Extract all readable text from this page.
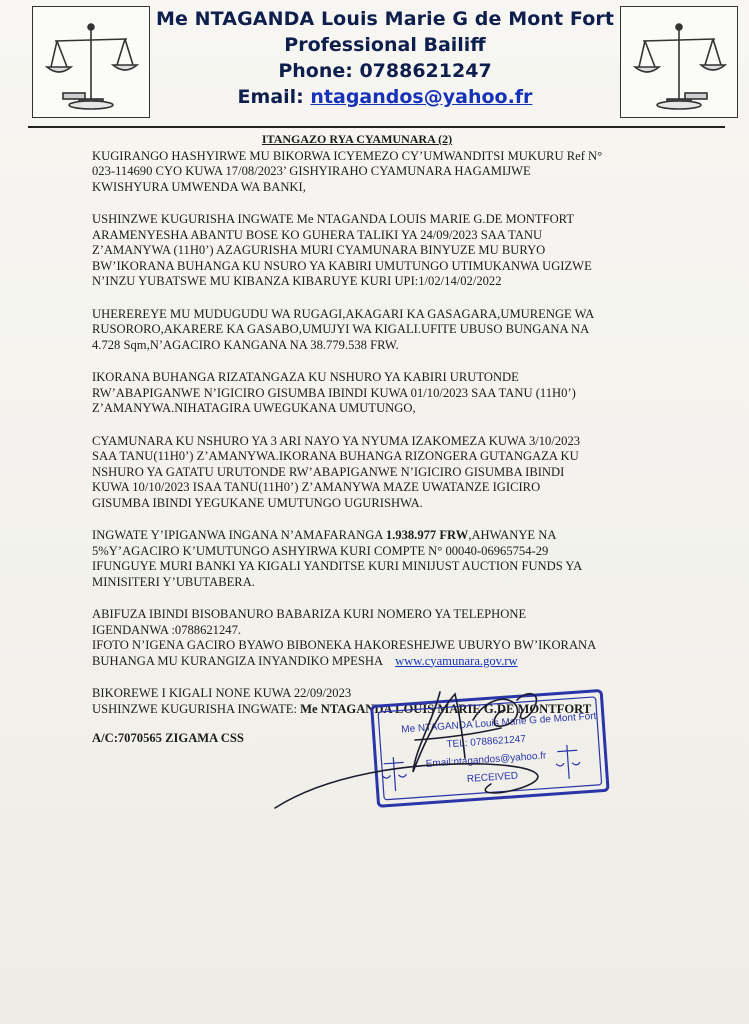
Me NTAGANDA Louis Marie G de Mont Fort
Professional Bailiff
Phone: 0788621247
Email: ntagandos@yahoo.fr
ITANGAZO RYA CYAMUNARA (2)
KUGIRANGO HASHYIRWE MU BIKORWA ICYEMEZO CY’UMWANDITSI MUKURU Ref N°
023-114690 CYO KUWA 17/08/2023’ GISHYIRAHO CYAMUNARA HAGAMIJWE
KWISHYURA UMWENDA WA BANKI,
USHINZWE KUGURISHA INGWATE Me NTAGANDA LOUIS MARIE G.DE MONTFORT
ARAMENYESHA ABANTU BOSE KO GUHERA TALIKI YA 24/09/2023 SAA TANU
Z’AMANYWA (11H0’) AZAGURISHA MURI CYAMUNARA BINYUZE MU BURYO
BW’IKORANA BUHANGA KU NSURO YA KABIRI UMUTUNGO UTIMUKANWA UGIZWE
N’INZU YUBATSWE MU KIBANZA KIBARUYE KURI UPI:1/02/14/02/2022
UHEREREYE MU MUDUGUDU WA RUGAGI,AKAGARI KA GASAGARA,UMURENGE WA
RUSORORO,AKARERE KA GASABO,UMUJYI WA KIGALI.UFITE UBUSO BUNGANA NA
4.728 Sqm,N’AGACIRO KANGANA NA 38.779.538 FRW.
IKORANA BUHANGA RIZATANGAZA KU NSHURO YA KABIRI URUTONDE
RW’ABAPIGANWE N’IGICIRO GISUMBA IBINDI KUWA 01/10/2023 SAA TANU (11H0’)
Z’AMANYWA.NIHATAGIRA UWEGUKANA UMUTUNGO,
CYAMUNARA KU NSHURO YA 3 ARI NAYO YA NYUMA IZAKOMEZA KUWA 3/10/2023
SAA TANU(11H0’) Z’AMANYWA.IKORANA BUHANGA RIZONGERA GUTANGAZA KU
NSHURO YA GATATU URUTONDE RW’ABAPIGANWE N’IGICIRO GISUMBA IBINDI
KUWA 10/10/2023 ISAA TANU(11H0’) Z’AMANYWA MAZE UWATANZE IGICIRO
GISUMBA IBINDI YEGUKANE UMUTUNGO UGURISHWA.
INGWATE Y’IPIGANWA INGANA N’AMAFARANGA 1.938.977 FRW,AHWANYE NA
5%Y’AGACIRO K’UMUTUNGO ASHYIRWA KURI COMPTE N° 00040-06965754-29
IFUNGUYE MURI BANKI YA KIGALI YANDITSE KURI MINIJUST AUCTION FUNDS YA
MINISITERI Y’UBUTABERA.
ABIFUZA IBINDI BISOBANURO BABARIZA KURI NOMERO YA TELEPHONE
IGENDANWA :0788621247.
IFOTO N’IGENA GACIRO BYAWO BIBONEKA HAKORESHEJWE UBURYO BW’IKORANA
BUHANGA MU KURANGIZA INYANDIKO MPESHA www.cyamunara.gov.rw
BIKOREWE I KIGALI NONE KUWA 22/09/2023
USHINZWE KUGURISHA INGWATE: Me NTAGANDA LOUIS MARIE G.DE MONTFORT
A/C:7070565 ZIGAMA CSS
Me NTAGANDA Louis Marie G de Mont Fort
TEL: 0788621247
Email:ntagandos@yahoo.fr
RECEIVED
